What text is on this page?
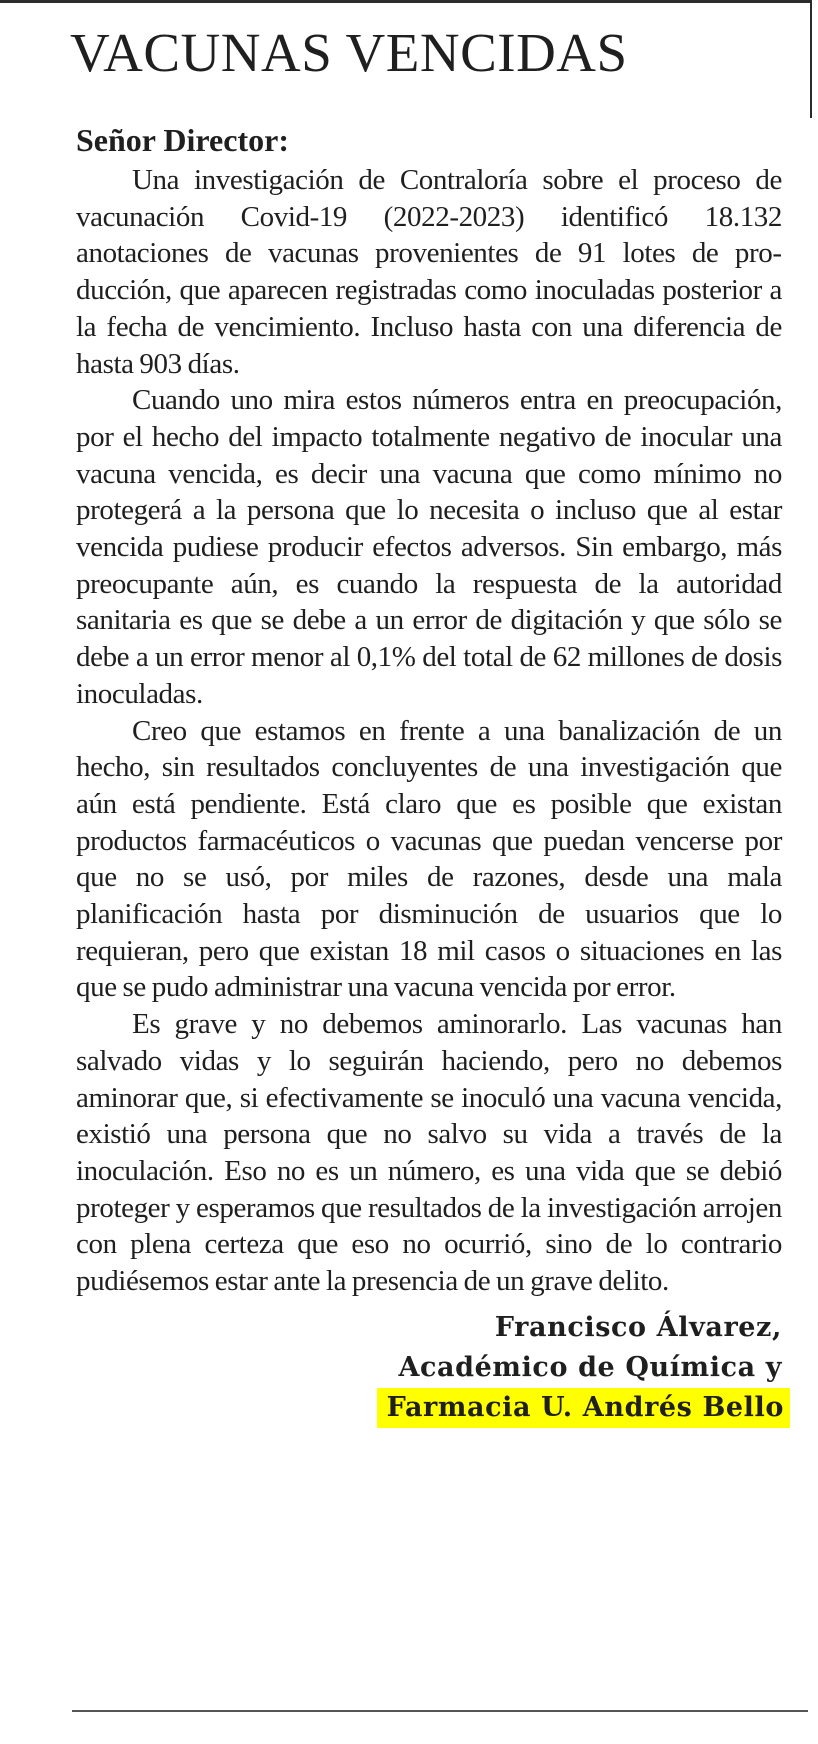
VACUNAS VENCIDAS

Señor Director:

Una investigación de Contraloría sobre el proceso de vacunación Covid-19 (2022-2023) identificó 18.132 anotaciones de vacunas provenientes de 91 lotes de producción, que aparecen registradas como inoculadas posterior a la fecha de vencimiento. Incluso hasta con una diferencia de hasta 903 días.

Cuando uno mira estos números entra en preocupación, por el hecho del impacto totalmente negativo de inocular una vacuna vencida, es decir una vacuna que como mínimo no protegerá a la persona que lo necesita o incluso que al estar vencida pudiese producir efectos adversos. Sin embargo, más preocupante aún, es cuando la respuesta de la autoridad sanitaria es que se debe a un error de digitación y que sólo se debe a un error menor al 0,1% del total de 62 millones de dosis inoculadas.

Creo que estamos en frente a una banalización de un hecho, sin resultados concluyentes de una investigación que aún está pendiente. Está claro que es posible que existan productos farmacéuticos o vacunas que puedan vencerse por que no se usó, por miles de razones, desde una mala planificación hasta por disminución de usuarios que lo requieran, pero que existan 18 mil casos o situaciones en las que se pudo administrar una vacuna vencida por error.

Es grave y no debemos aminorarlo. Las vacunas han salvado vidas y lo seguirán haciendo, pero no debemos aminorar que, si efectivamente se inoculó una vacuna vencida, existió una persona que no salvo su vida a través de la inoculación. Eso no es un número, es una vida que se debió proteger y esperamos que resultados de la investigación arrojen con plena certeza que eso no ocurrió, sino de lo contrario pudiésemos estar ante la presencia de un grave delito.

Francisco Álvarez,
Académico de Química y
Farmacia U. Andrés Bello
